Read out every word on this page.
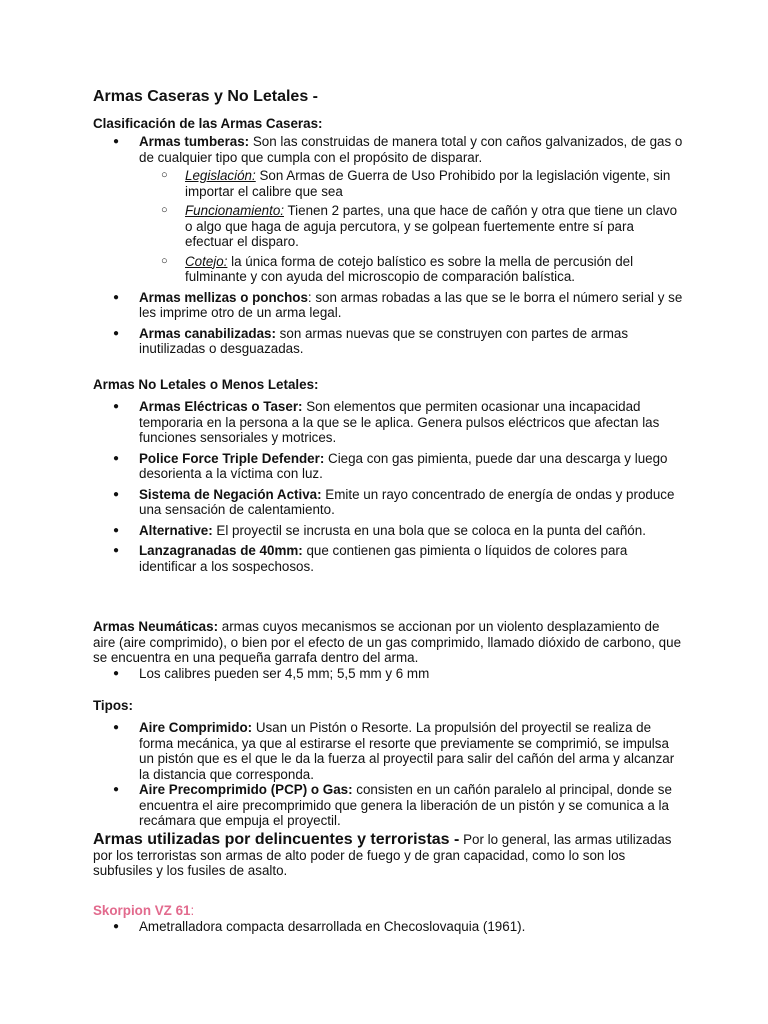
Armas Caseras y No Letales -
Clasificación de las Armas Caseras:
● Armas tumberas: Son las construidas de manera total y con caños galvanizados, de gas o de cualquier tipo que cumpla con el propósito de disparar.
○ Legislación: Son Armas de Guerra de Uso Prohibido por la legislación vigente, sin importar el calibre que sea
○ Funcionamiento: Tienen 2 partes, una que hace de cañón y otra que tiene un clavo o algo que haga de aguja percutora, y se golpean fuertemente entre sí para efectuar el disparo.
○ Cotejo: la única forma de cotejo balístico es sobre la mella de percusión del fulminante y con ayuda del microscopio de comparación balística.
● Armas mellizas o ponchos: son armas robadas a las que se le borra el número serial y se les imprime otro de un arma legal.
● Armas canabilizadas: son armas nuevas que se construyen con partes de armas inutilizadas o desguazadas.
Armas No Letales o Menos Letales:
● Armas Eléctricas o Taser: Son elementos que permiten ocasionar una incapacidad temporaria en la persona a la que se le aplica. Genera pulsos eléctricos que afectan las funciones sensoriales y motrices.
● Police Force Triple Defender: Ciega con gas pimienta, puede dar una descarga y luego desorienta a la víctima con luz.
● Sistema de Negación Activa: Emite un rayo concentrado de energía de ondas y produce una sensación de calentamiento.
● Alternative: El proyectil se incrusta en una bola que se coloca en la punta del cañón.
● Lanzagranadas de 40mm: que contienen gas pimienta o líquidos de colores para identificar a los sospechosos.
Armas Neumáticas: armas cuyos mecanismos se accionan por un violento desplazamiento de aire (aire comprimido), o bien por el efecto de un gas comprimido, llamado dióxido de carbono, que se encuentra en una pequeña garrafa dentro del arma.
● Los calibres pueden ser 4,5 mm; 5,5 mm y 6 mm
Tipos:
● Aire Comprimido: Usan un Pistón o Resorte. La propulsión del proyectil se realiza de forma mecánica, ya que al estirarse el resorte que previamente se comprimió, se impulsa un pistón que es el que le da la fuerza al proyectil para salir del cañón del arma y alcanzar la distancia que corresponda.
● Aire Precomprimido (PCP) o Gas: consisten en un cañón paralelo al principal, donde se encuentra el aire precomprimido que genera la liberación de un pistón y se comunica a la recámara que empuja el proyectil.
Armas utilizadas por delincuentes y terroristas - Por lo general, las armas utilizadas por los terroristas son armas de alto poder de fuego y de gran capacidad, como lo son los subfusiles y los fusiles de asalto.
Skorpion VZ 61:
● Ametralladora compacta desarrollada en Checoslovaquia (1961).
